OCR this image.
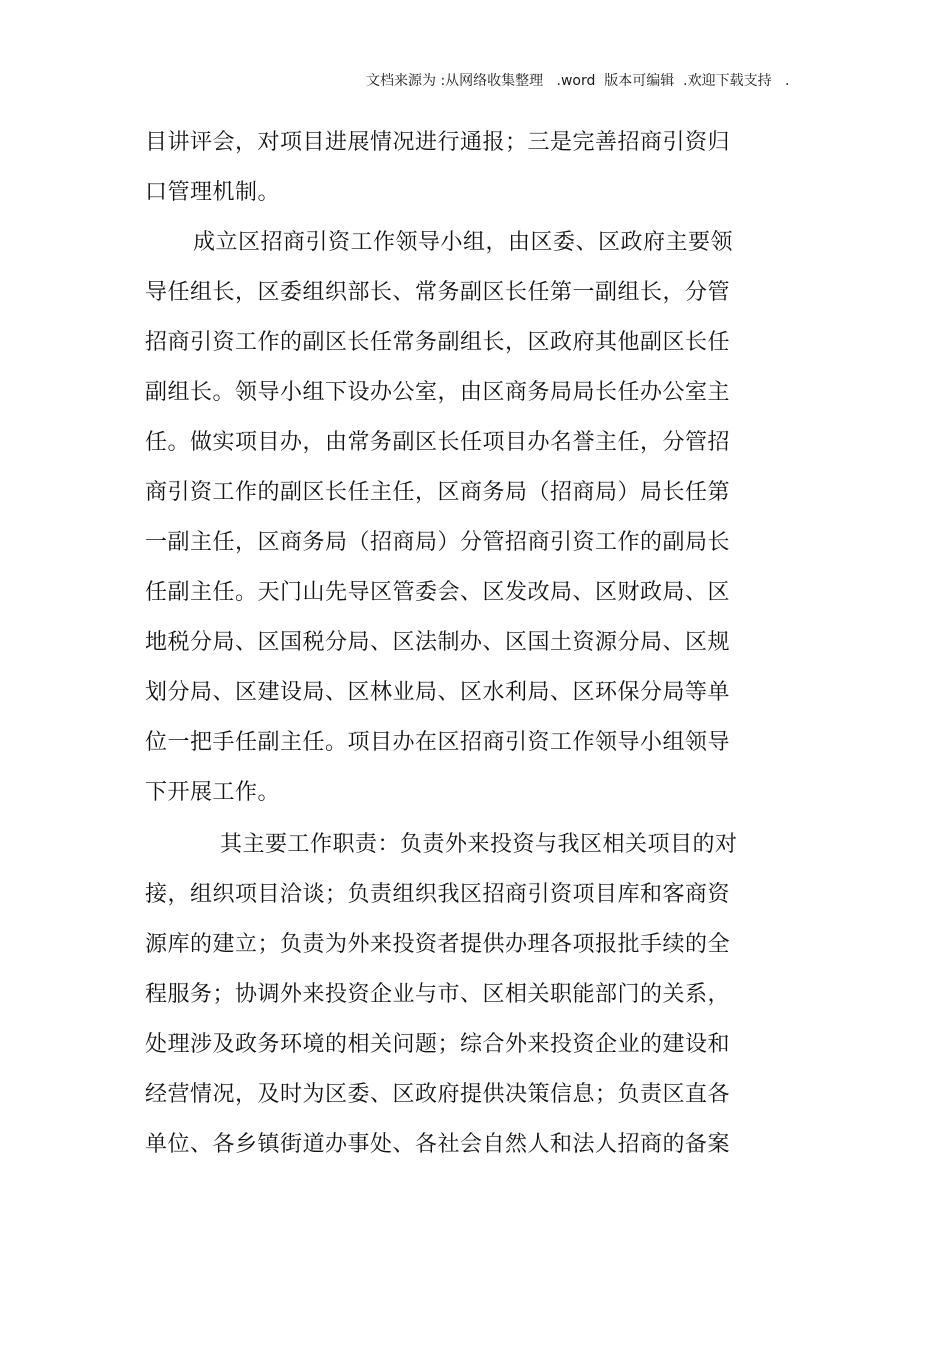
文档来源为 :从网络收集整理   .word  版本可编辑  .欢迎下载支持   .
目讲评会，对项目进展情况进行通报；三是完善招商引资归
口管理机制。
成立区招商引资工作领导小组，由区委、区政府主要领
导任组长，区委组织部长、常务副区长任第一副组长，分管
招商引资工作的副区长任常务副组长，区政府其他副区长任
副组长。领导小组下设办公室，由区商务局局长任办公室主
任。做实项目办，由常务副区长任项目办名誉主任，分管招
商引资工作的副区长任主任，区商务局（招商局）局长任第
一副主任，区商务局（招商局）分管招商引资工作的副局长
任副主任。天门山先导区管委会、区发改局、区财政局、区
地税分局、区国税分局、区法制办、区国土资源分局、区规
划分局、区建设局、区林业局、区水利局、区环保分局等单
位一把手任副主任。项目办在区招商引资工作领导小组领导
下开展工作。
其主要工作职责：负责外来投资与我区相关项目的对
接，组织项目洽谈；负责组织我区招商引资项目库和客商资
源库的建立；负责为外来投资者提供办理各项报批手续的全
程服务；协调外来投资企业与市、区相关职能部门的关系，
处理涉及政务环境的相关问题；综合外来投资企业的建设和
经营情况，及时为区委、区政府提供决策信息；负责区直各
单位、各乡镇街道办事处、各社会自然人和法人招商的备案
